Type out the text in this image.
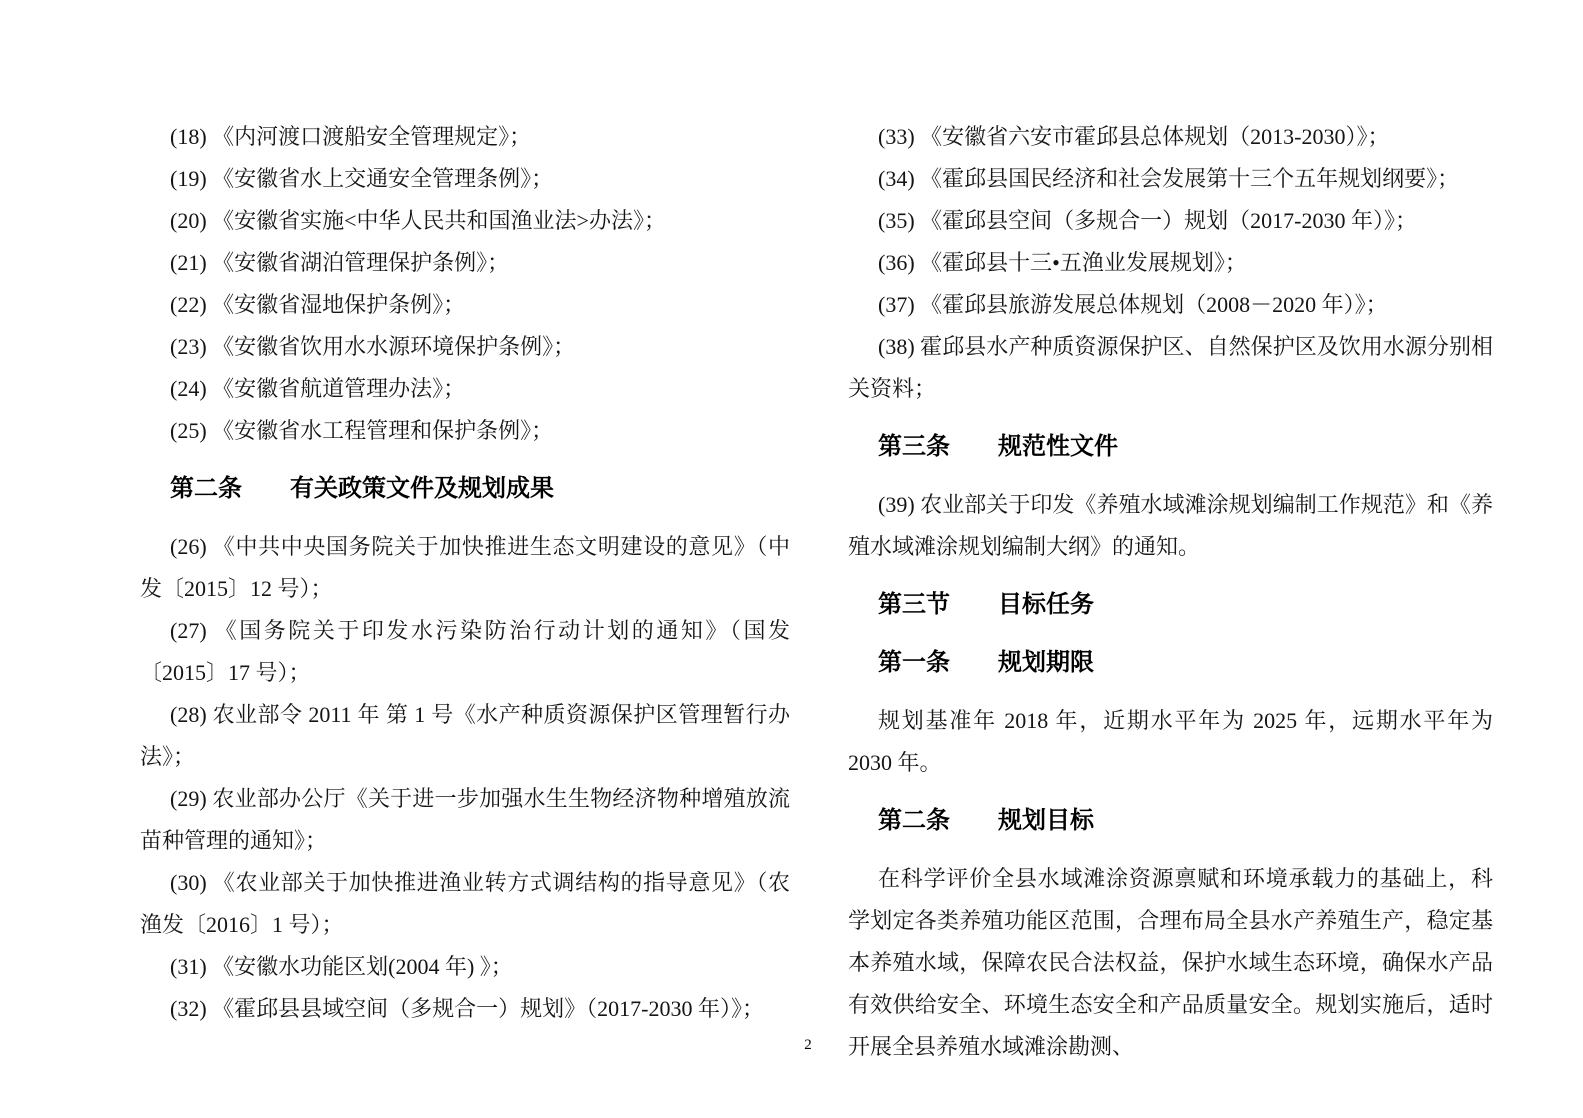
(18) 《内河渡口渡船安全管理规定》；
(19) 《安徽省水上交通安全管理条例》；
(20) 《安徽省实施<中华人民共和国渔业法>办法》；
(21) 《安徽省湖泊管理保护条例》；
(22) 《安徽省湿地保护条例》；
(23) 《安徽省饮用水水源环境保护条例》；
(24) 《安徽省航道管理办法》；
(25) 《安徽省水工程管理和保护条例》；
第二条　　有关政策文件及规划成果
(26) 《中共中央国务院关于加快推进生态文明建设的意见》（中发〔2015〕12 号）；
(27) 《国务院关于印发水污染防治行动计划的通知》（国发〔2015〕17 号）；
(28) 农业部令 2011 年 第 1 号《水产种质资源保护区管理暂行办法》；
(29) 农业部办公厅《关于进一步加强水生生物经济物种增殖放流苗种管理的通知》；
(30) 《农业部关于加快推进渔业转方式调结构的指导意见》（农渔发〔2016〕1 号）；
(31) 《安徽水功能区划(2004 年) 》；
(32) 《霍邱县县域空间（多规合一）规划》（2017-2030 年）》；
(33) 《安徽省六安市霍邱县总体规划（2013-2030）》；
(34) 《霍邱县国民经济和社会发展第十三个五年规划纲要》；
(35) 《霍邱县空间（多规合一）规划（2017-2030 年）》；
(36) 《霍邱县十三•五渔业发展规划》；
(37) 《霍邱县旅游发展总体规划（2008－2020 年）》；
(38) 霍邱县水产种质资源保护区、自然保护区及饮用水源分别相关资料；
第三条　　规范性文件
(39) 农业部关于印发《养殖水域滩涂规划编制工作规范》和《养殖水域滩涂规划编制大纲》的通知。
第三节　　目标任务
第一条　　规划期限
规划基准年 2018 年，近期水平年为 2025 年，远期水平年为 2030 年。
第二条　　规划目标
在科学评价全县水域滩涂资源禀赋和环境承载力的基础上，科学划定各类养殖功能区范围，合理布局全县水产养殖生产，稳定基本养殖水域，保障农民合法权益，保护水域生态环境，确保水产品有效供给安全、环境生态安全和产品质量安全。规划实施后，适时开展全县养殖水域滩涂勘测、
2
